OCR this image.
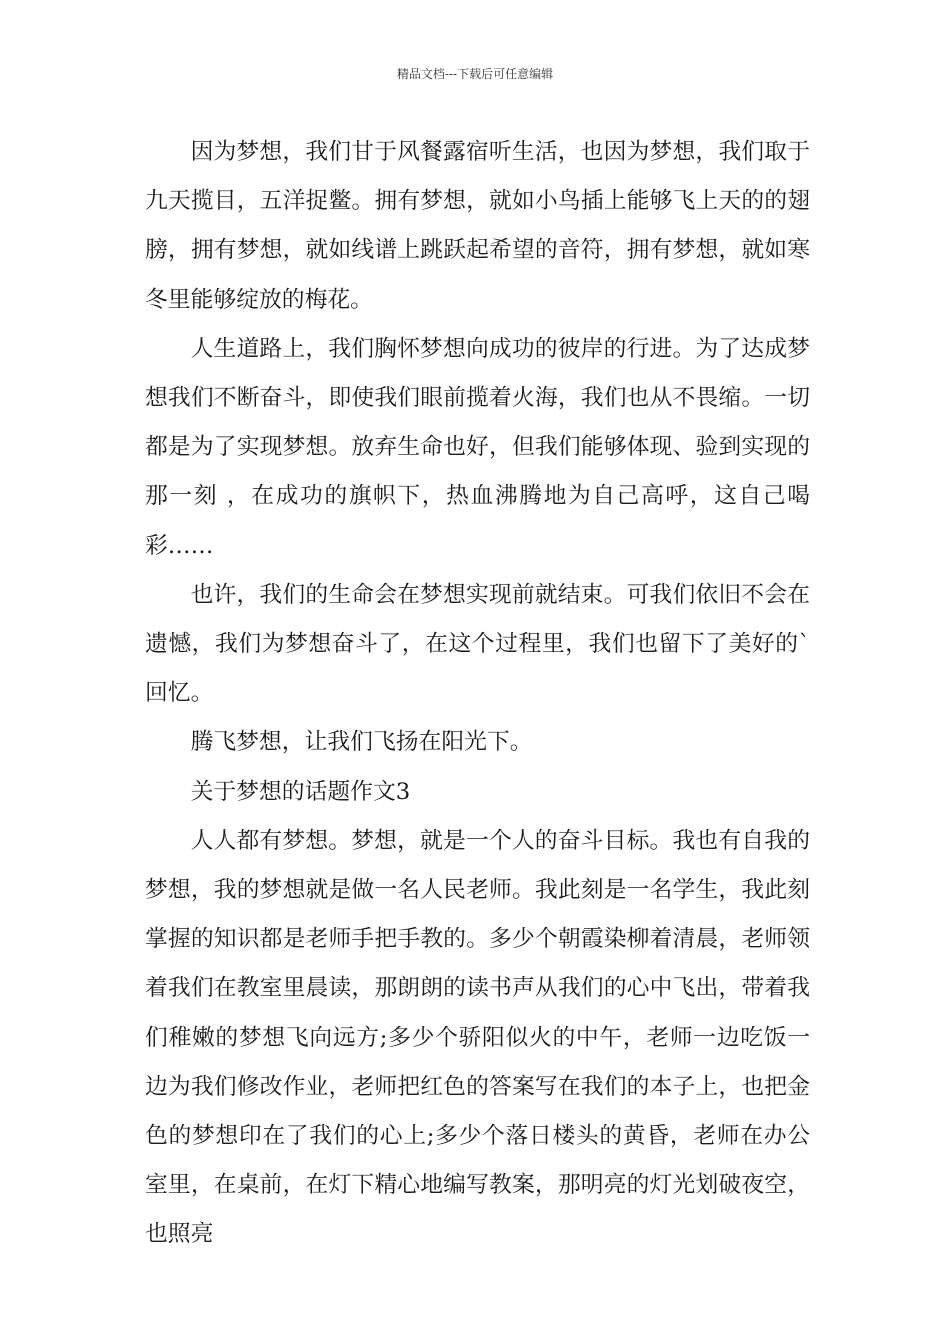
精品文档---下载后可任意编辑

因为梦想，我们甘于风餐露宿听生活，也因为梦想，我们取于九天揽目，五洋捉鳖。拥有梦想，就如小鸟插上能够飞上天的的翅膀，拥有梦想，就如线谱上跳跃起希望的音符，拥有梦想，就如寒冬里能够绽放的梅花。

人生道路上，我们胸怀梦想向成功的彼岸的行进。为了达成梦想我们不断奋斗，即使我们眼前揽着火海，我们也从不畏缩。一切都是为了实现梦想。放弃生命也好，但我们能够体现、验到实现的那一刻 ，在成功的旗帜下，热血沸腾地为自己高呼，这自己喝彩……

也许，我们的生命会在梦想实现前就结束。可我们依旧不会在遗憾，我们为梦想奋斗了，在这个过程里，我们也留下了美好的`回忆。

腾飞梦想，让我们飞扬在阳光下。

关于梦想的话题作文3

人人都有梦想。梦想，就是一个人的奋斗目标。我也有自我的梦想，我的梦想就是做一名人民老师。我此刻是一名学生，我此刻掌握的知识都是老师手把手教的。多少个朝霞染柳着清晨，老师领着我们在教室里晨读，那朗朗的读书声从我们的心中飞出，带着我们稚嫩的梦想飞向远方;多少个骄阳似火的中午，老师一边吃饭一边为我们修改作业，老师把红色的答案写在我们的本子上，也把金色的梦想印在了我们的心上;多少个落日楼头的黄昏，老师在办公室里，在桌前，在灯下精心地编写教案，那明亮的灯光划破夜空，也照亮
